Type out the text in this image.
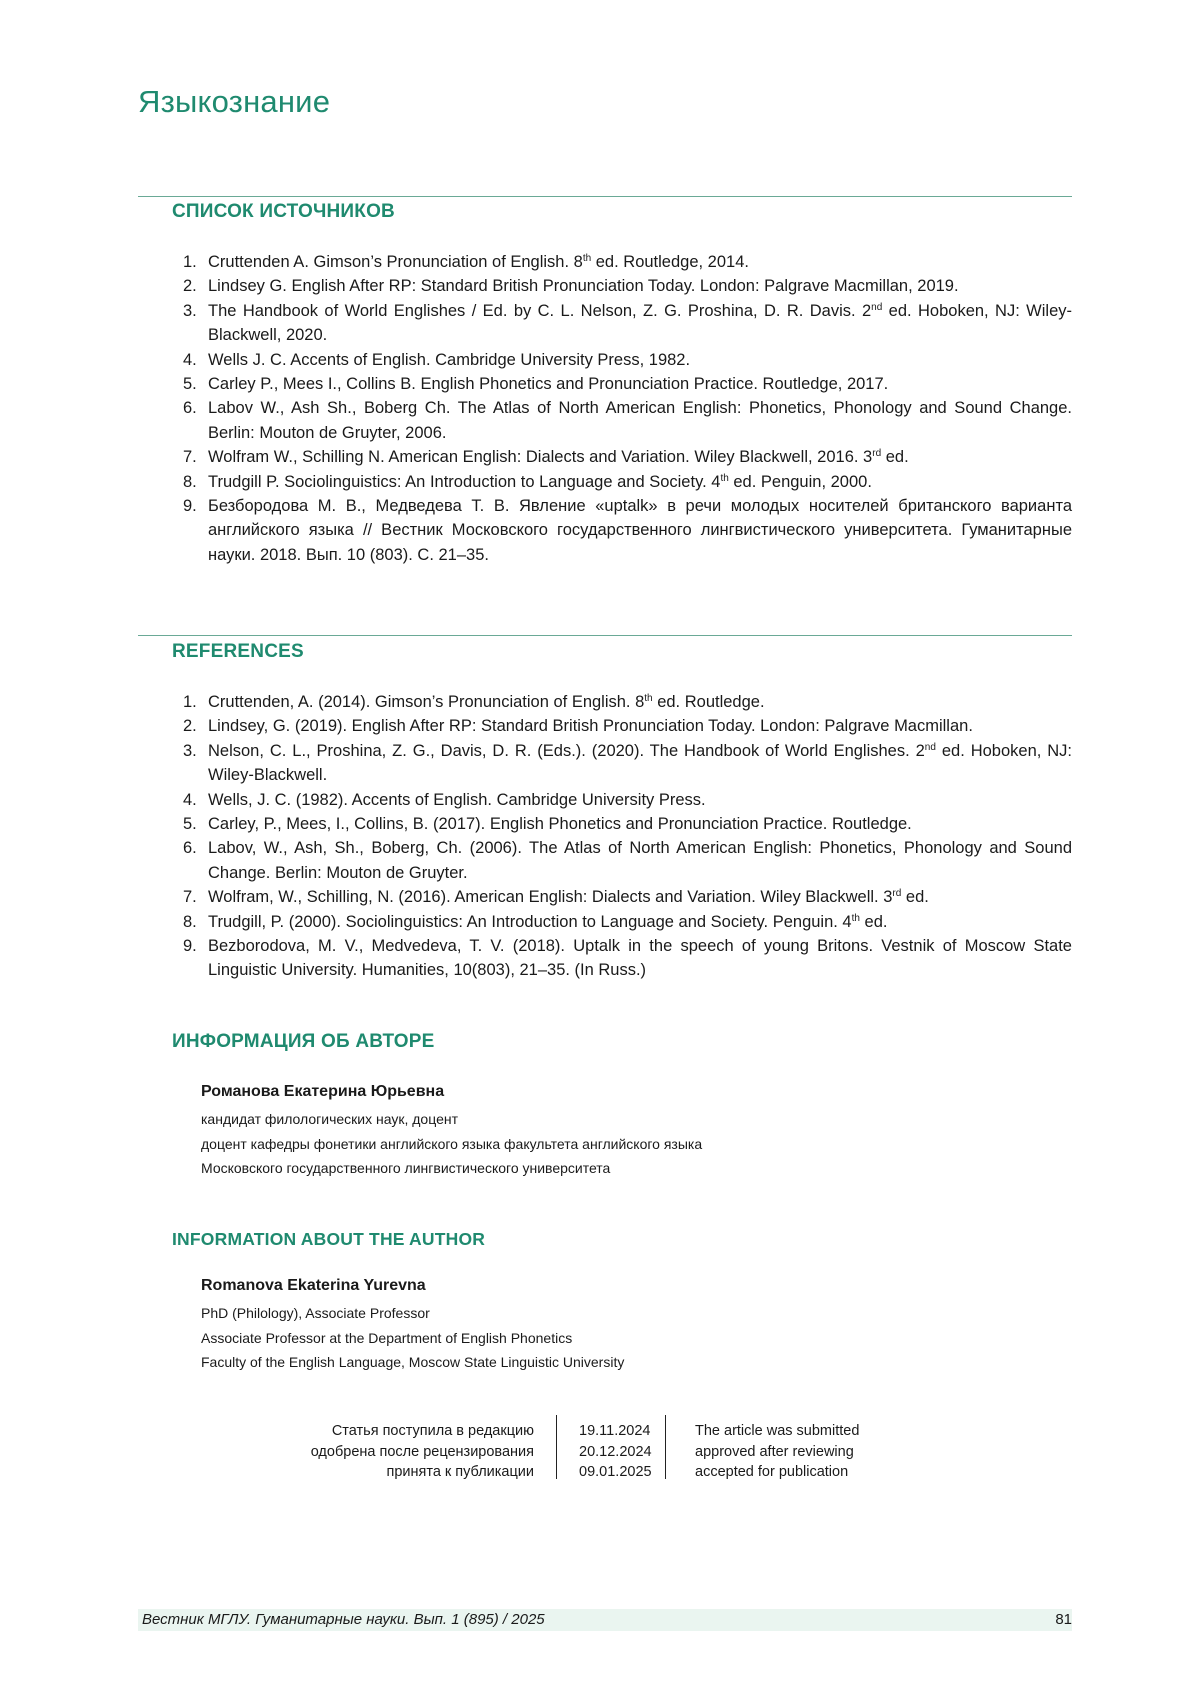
Языкознание
СПИСОК ИСТОЧНИКОВ
1. Cruttenden A. Gimson’s Pronunciation of English. 8th ed. Routledge, 2014.
2. Lindsey G. English After RP: Standard British Pronunciation Today. London: Palgrave Macmillan, 2019.
3. The Handbook of World Englishes / Ed. by C. L. Nelson, Z. G. Proshina, D. R. Davis. 2nd ed. Hoboken, NJ: Wiley-Blackwell, 2020.
4. Wells J. C. Accents of English. Cambridge University Press, 1982.
5. Carley P., Mees I., Collins B. English Phonetics and Pronunciation Practice. Routledge, 2017.
6. Labov W., Ash Sh., Boberg Ch. The Atlas of North American English: Phonetics, Phonology and Sound Change. Berlin: Mouton de Gruyter, 2006.
7. Wolfram W., Schilling N. American English: Dialects and Variation. Wiley Blackwell, 2016. 3rd ed.
8. Trudgill P. Sociolinguistics: An Introduction to Language and Society. 4th ed. Penguin, 2000.
9. Безбородова М. В., Медведева Т. В. Явление «uptalk» в речи молодых носителей британского варианта английского языка // Вестник Московского государственного лингвистического университета. Гуманитарные науки. 2018. Вып. 10 (803). С. 21–35.
REFERENCES
1. Cruttenden, A. (2014). Gimson’s Pronunciation of English. 8th ed. Routledge.
2. Lindsey, G. (2019). English After RP: Standard British Pronunciation Today. London: Palgrave Macmillan.
3. Nelson, C. L., Proshina, Z. G., Davis, D. R. (Eds.). (2020). The Handbook of World Englishes. 2nd ed. Hoboken, NJ: Wiley-Blackwell.
4. Wells, J. C. (1982). Accents of English. Cambridge University Press.
5. Carley, P., Mees, I., Collins, B. (2017). English Phonetics and Pronunciation Practice. Routledge.
6. Labov, W., Ash, Sh., Boberg, Ch. (2006). The Atlas of North American English: Phonetics, Phonology and Sound Change. Berlin: Mouton de Gruyter.
7. Wolfram, W., Schilling, N. (2016). American English: Dialects and Variation. Wiley Blackwell. 3rd ed.
8. Trudgill, P. (2000). Sociolinguistics: An Introduction to Language and Society. Penguin. 4th ed.
9. Bezborodova, M. V., Medvedeva, T. V. (2018). Uptalk in the speech of young Britons. Vestnik of Moscow State Linguistic University. Humanities, 10(803), 21–35. (In Russ.)
ИНФОРМАЦИЯ ОБ АВТОРЕ
Романова Екатерина Юрьевна
кандидат филологических наук, доцент
доцент кафедры фонетики английского языка факультета английского языка
Московского государственного лингвистического университета
INFORMATION ABOUT THE AUTHOR
Romanova Ekaterina Yurevna
PhD (Philology), Associate Professor
Associate Professor at the Department of English Phonetics
Faculty of the English Language, Moscow State Linguistic University
Статья поступила в редакцию
одобрена после рецензирования
принята к публикации
19.11.2024
20.12.2024
09.01.2025
The article was submitted
approved after reviewing
accepted for publication
Вестник МГЛУ. Гуманитарные науки. Вып. 1 (895) / 2025	81
